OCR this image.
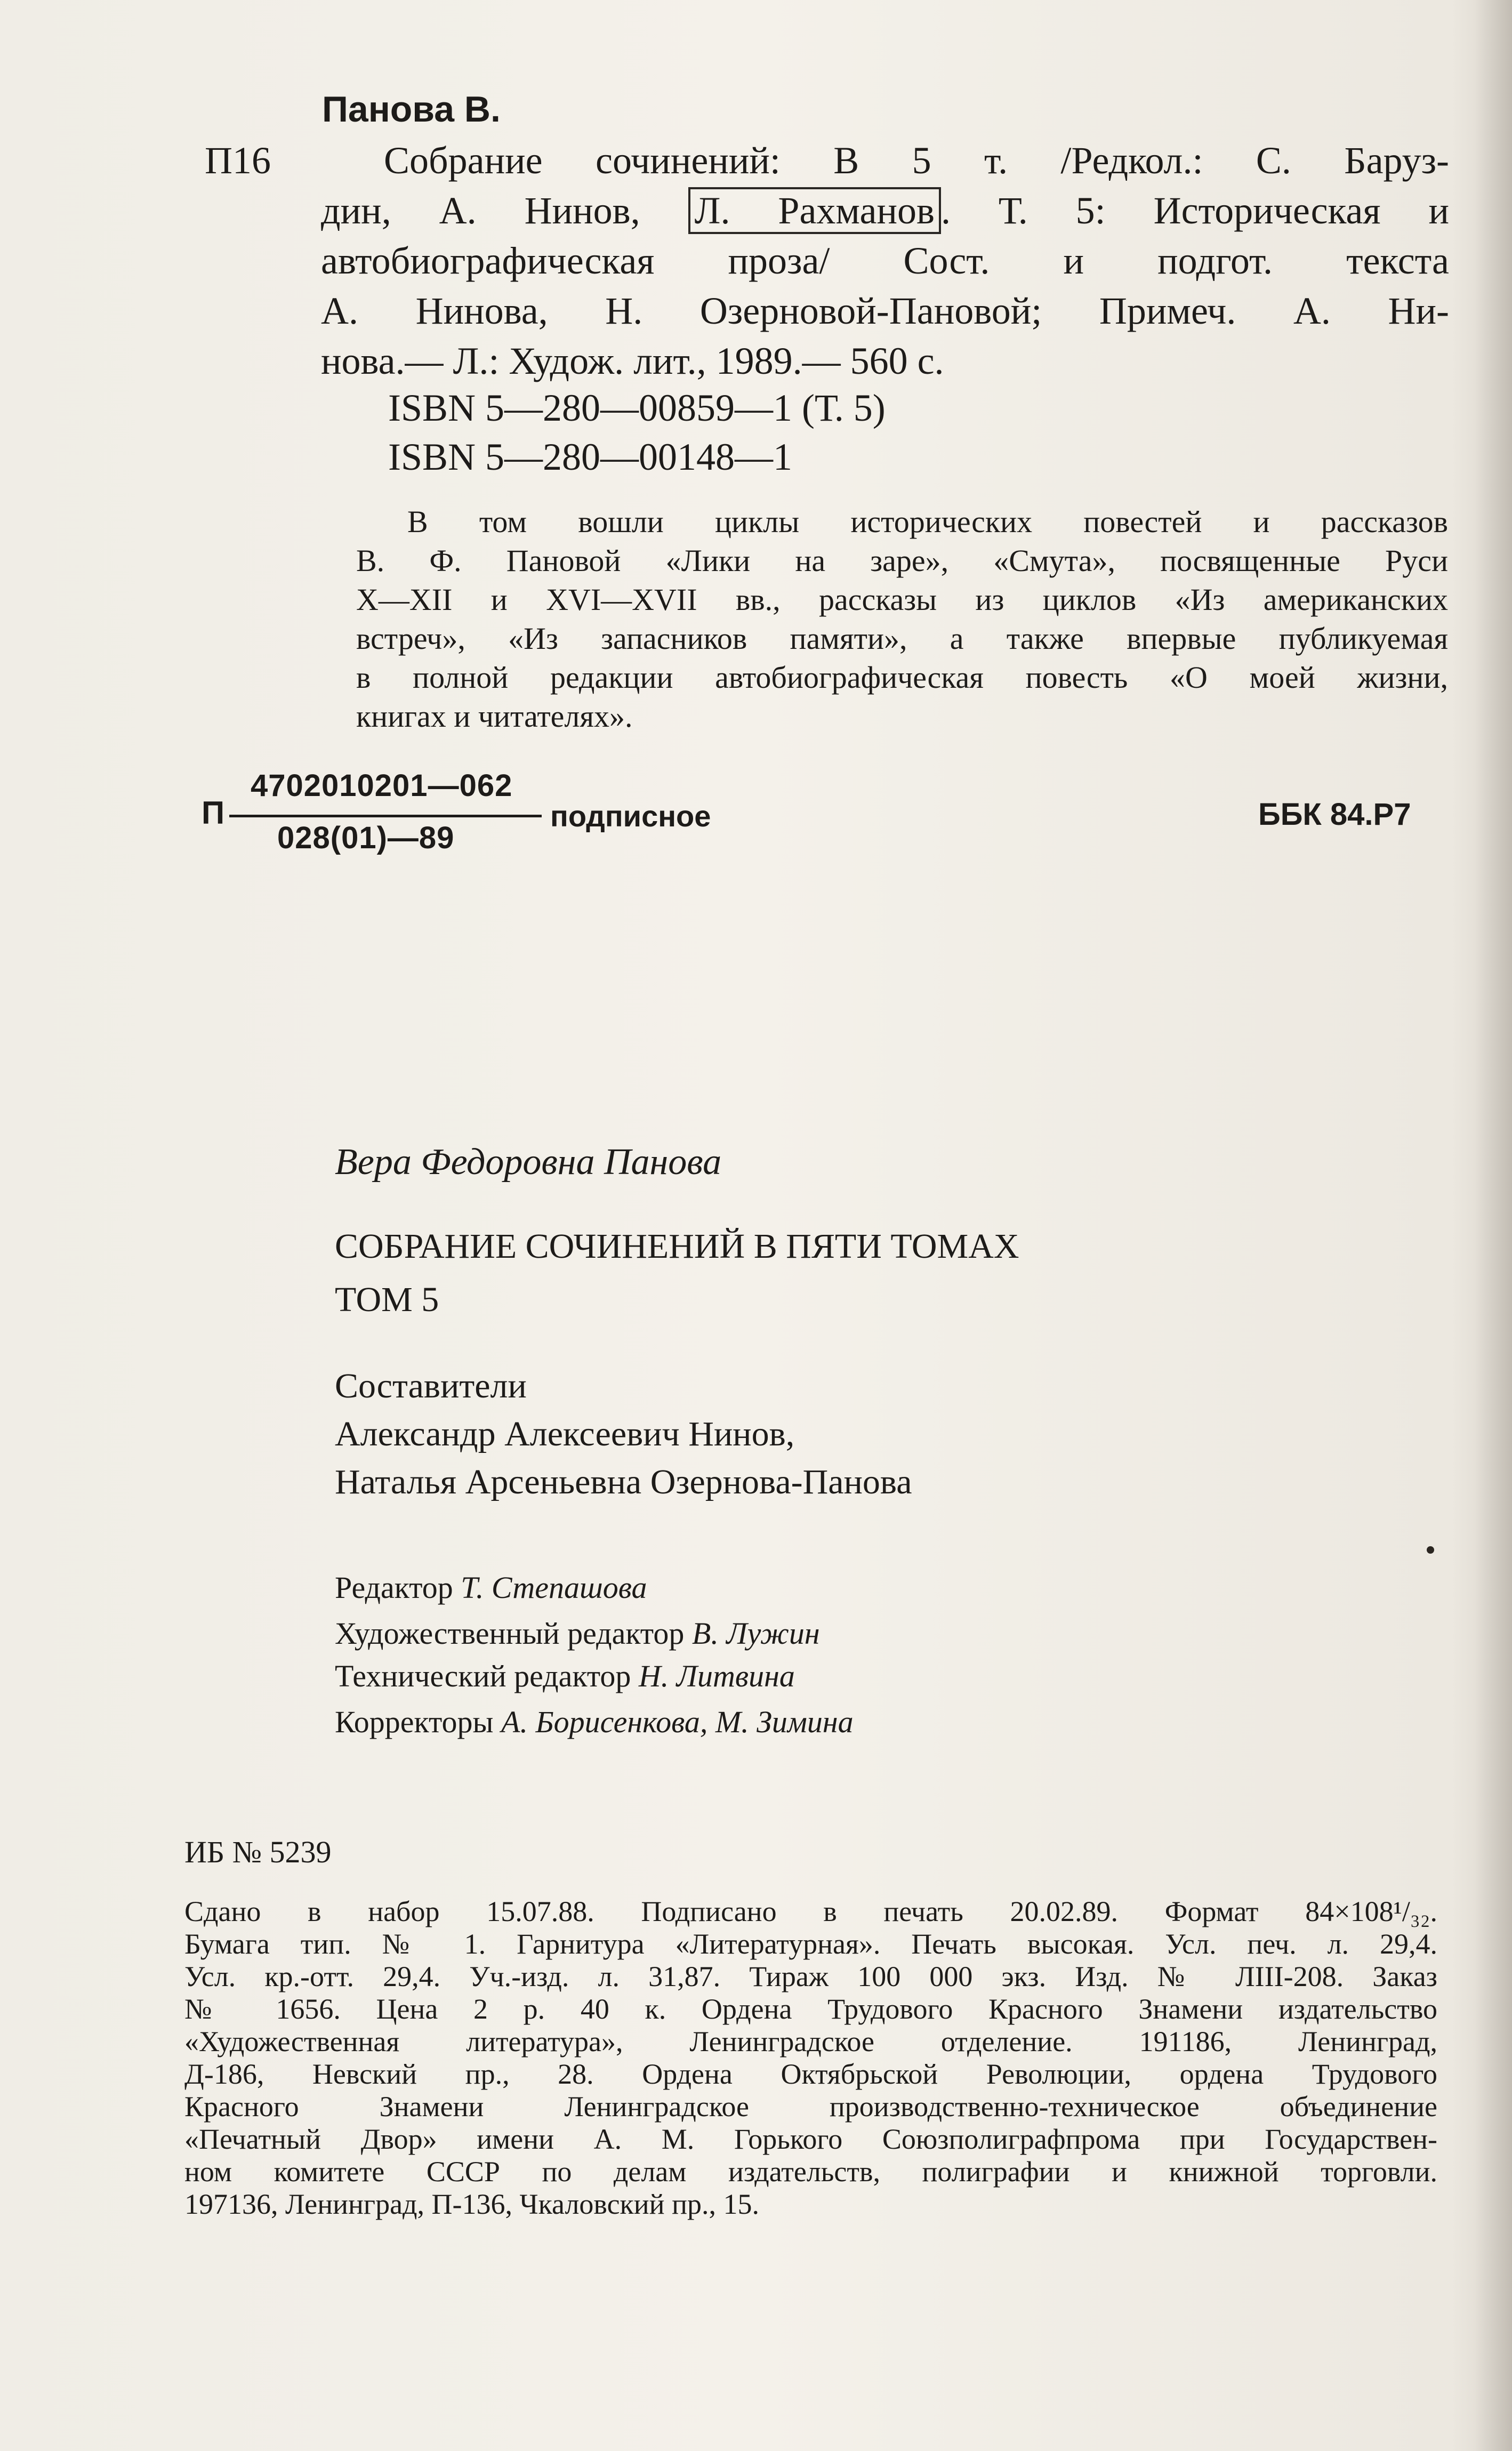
Панова В.
П16	Собрание сочинений: В 5 т. /Редкол.: С. Баруз-
дин, А. Нинов, Л. Рахманов . Т. 5: Историческая и
автобиографическая проза/ Сост. и подгот. текста
А. Нинова, Н. Озерновой-Пановой; Примеч. А. Ни-
нова.— Л.: Худож. лит., 1989.— 560 с.
ISBN 5—280—00859—1 (Т. 5)
ISBN 5—280—00148—1
В том вошли циклы исторических повестей и рассказов
В. Ф. Пановой «Лики на заре», «Смута», посвященные Руси
X—XII и XVI—XVII вв., рассказы из циклов «Из американских
встреч», «Из запасников памяти», а также впервые публикуемая
в полной редакции автобиографическая повесть «О моей жизни,
книгах и читателях».
П
4702010201—062
028(01)—89
подписное	ББК 84.Р7
Вера Федоровна Панова
СОБРАНИЕ СОЧИНЕНИЙ В ПЯТИ ТОМАХ
ТОМ 5
Составители
Александр Алексеевич Нинов,
Наталья Арсеньевна Озернова-Панова
Редактор Т. Степашова
Художественный редактор В. Лужин
Технический редактор Н. Литвина
Корректоры А. Борисенкова, М. Зимина
ИБ № 5239
Сдано в набор 15.07.88. Подписано в печать 20.02.89. Формат 84×108¹/₃₂.
Бумага тип. № 1. Гарнитура «Литературная». Печать высокая. Усл. печ. л. 29,4.
Усл. кр.-отт. 29,4. Уч.-изд. л. 31,87. Тираж 100 000 экз. Изд. № ЛIII-208. Заказ
№ 1656. Цена 2 р. 40 к. Ордена Трудового Красного Знамени издательство
«Художественная литература», Ленинградское отделение. 191186, Ленинград,
Д-186, Невский пр., 28. Ордена Октябрьской Революции, ордена Трудового
Красного Знамени Ленинградское производственно-техническое объединение
«Печатный Двор» имени А. М. Горького Союзполиграфпрома при Государствен-
ном комитете СССР по делам издательств, полиграфии и книжной торговли.
197136, Ленинград, П-136, Чкаловский пр., 15.
